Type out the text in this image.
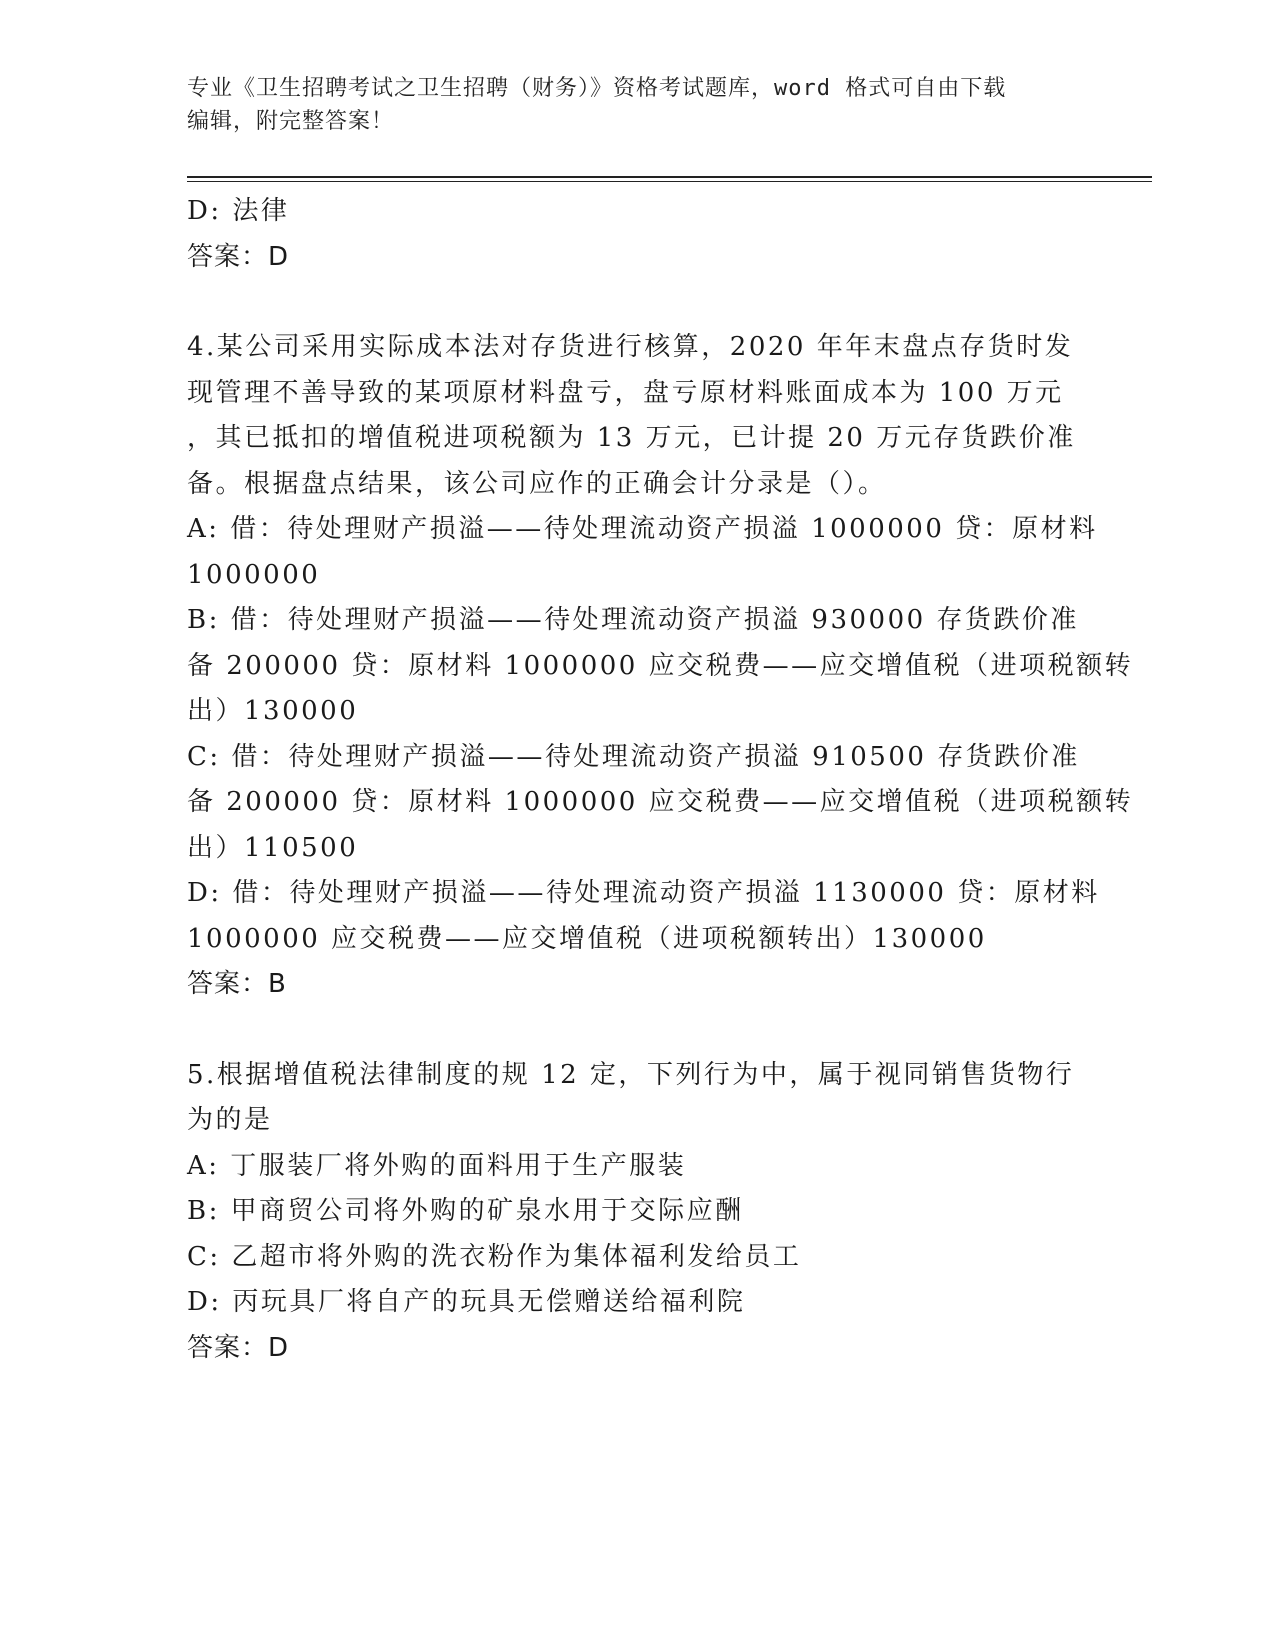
专业《卫生招聘考试之卫生招聘（财务）》资格考试题库，word 格式可自由下载
编辑，附完整答案！
D: 法律
答案：D
4.某公司采用实际成本法对存货进行核算，2020 年年末盘点存货时发
现管理不善导致的某项原材料盘亏，盘亏原材料账面成本为 100 万元
，其已抵扣的增值税进项税额为 13 万元，已计提 20 万元存货跌价准
备。根据盘点结果，该公司应作的正确会计分录是（）。
A: 借：待处理财产损溢——待处理流动资产损溢 1000000 贷：原材料
1000000
B: 借：待处理财产损溢——待处理流动资产损溢 930000 存货跌价准
备 200000 贷：原材料 1000000 应交税费——应交增值税（进项税额转
出）130000
C: 借：待处理财产损溢——待处理流动资产损溢 910500 存货跌价准
备 200000 贷：原材料 1000000 应交税费——应交增值税（进项税额转
出）110500
D: 借：待处理财产损溢——待处理流动资产损溢 1130000 贷：原材料
1000000 应交税费——应交增值税（进项税额转出）130000
答案：B
5.根据增值税法律制度的规 12 定，下列行为中，属于视同销售货物行
为的是
A: 丁服装厂将外购的面料用于生产服装
B: 甲商贸公司将外购的矿泉水用于交际应酬
C: 乙超市将外购的洗衣粉作为集体福利发给员工
D: 丙玩具厂将自产的玩具无偿赠送给福利院
答案：D
